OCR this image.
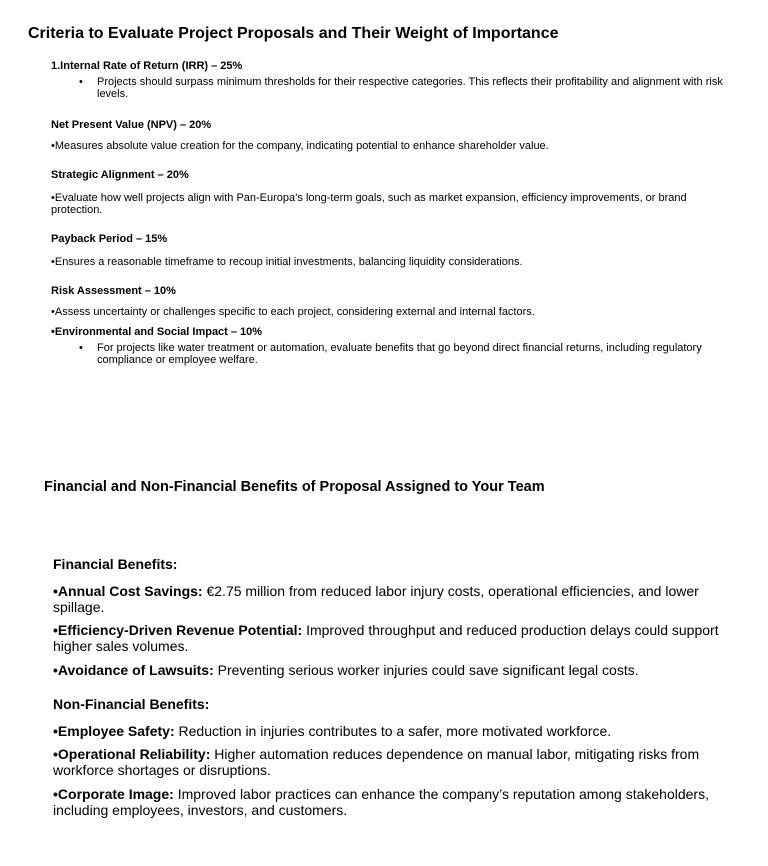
Criteria to Evaluate Project Proposals and Their Weight of Importance
1.Internal Rate of Return (IRR) – 25%
•	Projects should surpass minimum thresholds for their respective categories. This reflects their profitability and alignment with risk levels.
Net Present Value (NPV) – 20%
•Measures absolute value creation for the company, indicating potential to enhance shareholder value.
Strategic Alignment – 20%
•Evaluate how well projects align with Pan-Europa’s long-term goals, such as market expansion, efficiency improvements, or brand protection.
Payback Period – 15%
•Ensures a reasonable timeframe to recoup initial investments, balancing liquidity considerations.
Risk Assessment – 10%
•Assess uncertainty or challenges specific to each project, considering external and internal factors.
•Environmental and Social Impact – 10%
•	For projects like water treatment or automation, evaluate benefits that go beyond direct financial returns, including regulatory compliance or employee welfare.
Financial and Non-Financial Benefits of Proposal Assigned to Your Team
Financial Benefits:
•Annual Cost Savings: €2.75 million from reduced labor injury costs, operational efficiencies, and lower spillage.
•Efficiency-Driven Revenue Potential: Improved throughput and reduced production delays could support higher sales volumes.
•Avoidance of Lawsuits: Preventing serious worker injuries could save significant legal costs.
Non-Financial Benefits:
•Employee Safety: Reduction in injuries contributes to a safer, more motivated workforce.
•Operational Reliability: Higher automation reduces dependence on manual labor, mitigating risks from workforce shortages or disruptions.
•Corporate Image: Improved labor practices can enhance the company’s reputation among stakeholders, including employees, investors, and customers.
